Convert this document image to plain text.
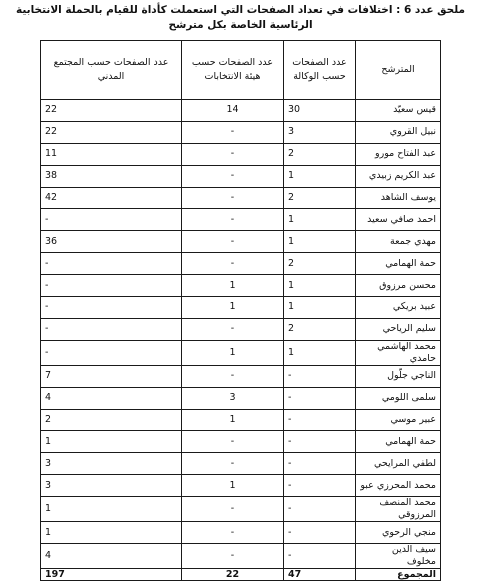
ملحق عدد 6 : اختلافات في تعداد الصفحات التي استعملت كأداة للقيام بالحملة الانتخابية
الرئاسية الخاصة بكل مترشح
المترشح	عدد الصفحات حسب الوكالة	عدد الصفحات حسب هيئة الانتخابات	عدد الصفحات حسب المجتمع المدني
قيس سعيّد	30	14	22
نبيل القروي	3	-	22
عبد الفتاح مورو	2	-	11
عبد الكريم زبيدي	1	-	38
يوسف الشاهد	2	-	42
احمد صافي سعيد	1	-	-
مهدي جمعة	1	-	36
حمة الهمامي	2	-	-
محسن مرزوق	1	1	-
عبيد بريكي	1	1	-
سليم الرياحي	2	-	-
محمد الهاشمي حامدي	1	1	-
الناجي جلّول	-	-	7
سلمى اللومي	-	3	4
عبير موسي	-	1	2
حمة الهمامي	-	-	1
لطفي المرايحي	-	-	3
محمد المحرزي عبو	-	1	3
محمد المنصف المرزوقي	-	-	1
منجي الرحوي	-	-	1
سيف الدين مخلوف	-	-	4
المجموع	47	22	197
